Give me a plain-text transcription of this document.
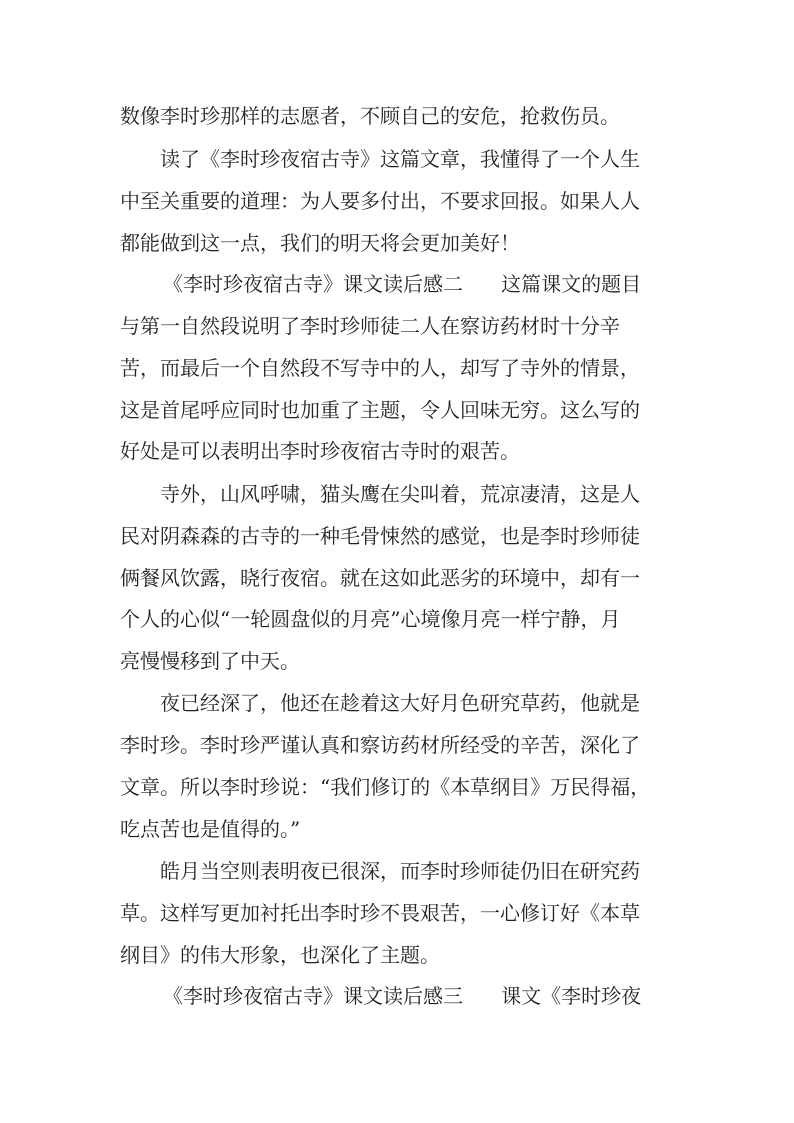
数像李时珍那样的志愿者，不顾自己的安危，抢救伤员。
读了《李时珍夜宿古寺》这篇文章，我懂得了一个人生
中至关重要的道理：为人要多付出，不要求回报。如果人人
都能做到这一点，我们的明天将会更加美好！
《李时珍夜宿古寺》课文读后感二      这篇课文的题目
与第一自然段说明了李时珍师徒二人在察访药材时十分辛
苦，而最后一个自然段不写寺中的人，却写了寺外的情景，
这是首尾呼应同时也加重了主题，令人回味无穷。这么写的
好处是可以表明出李时珍夜宿古寺时的艰苦。
寺外，山风呼啸，猫头鹰在尖叫着，荒凉凄清，这是人
民对阴森森的古寺的一种毛骨悚然的感觉，也是李时珍师徒
俩餐风饮露，晓行夜宿。就在这如此恶劣的环境中，却有一
个人的心似“一轮圆盘似的月亮”心境像月亮一样宁静，月
亮慢慢移到了中天。
夜已经深了，他还在趁着这大好月色研究草药，他就是
李时珍。李时珍严谨认真和察访药材所经受的辛苦，深化了
文章。所以李时珍说：“我们修订的《本草纲目》万民得福，
吃点苦也是值得的。”
皓月当空则表明夜已很深，而李时珍师徒仍旧在研究药
草。这样写更加衬托出李时珍不畏艰苦，一心修订好《本草
纲目》的伟大形象，也深化了主题。
《李时珍夜宿古寺》课文读后感三      课文《李时珍夜
